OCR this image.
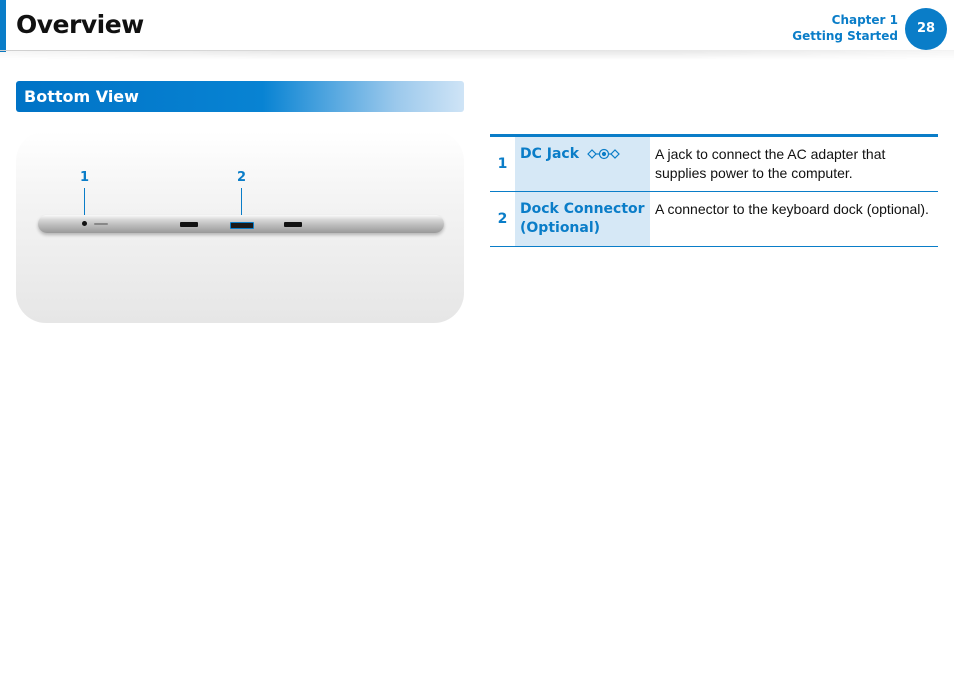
Overview	Chapter 1
Getting Started	28
Bottom View
1	2
1	DC Jack	A jack to connect the AC adapter that supplies power to the computer.
2	Dock Connector (Optional)	A connector to the keyboard dock (optional).
